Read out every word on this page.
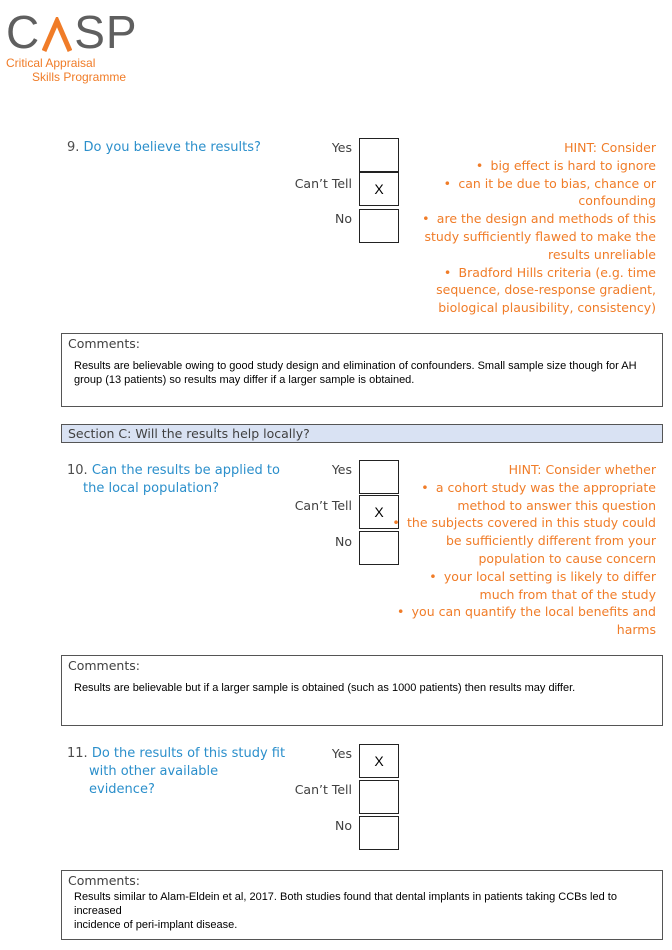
C SP
Critical Appraisal
Skills Programme
9. Do you believe the results?	Yes
Can’t Tell
No
X
HINT: Consider
• big effect is hard to ignore
• can it be due to bias, chance or
confounding
• are the design and methods of this
study sufficiently flawed to make the
results unreliable
• Bradford Hills criteria (e.g. time
sequence, dose-response gradient,
biological plausibility, consistency)
Comments:
Results are believable owing to good study design and elimination of confounders. Small sample size though for AH
group (13 patients) so results may differ if a larger sample is obtained.
Section C: Will the results help locally?
10. Can the results be applied to
the local population?
Yes
Can’t Tell
No
X
HINT: Consider whether
• a cohort study was the appropriate
method to answer this question
• the subjects covered in this study could
be sufficiently different from your
population to cause concern
• your local setting is likely to differ
much from that of the study
• you can quantify the local benefits and
harms
Comments:
Results are believable but if a larger sample is obtained (such as 1000 patients) then results may differ.
11. Do the results of this study fit
with other available
evidence?
Yes
Can’t Tell
No
X
Comments:
Results similar to Alam-Eldein et al, 2017. Both studies found that dental implants in patients taking CCBs led to increased
incidence of peri-implant disease.
